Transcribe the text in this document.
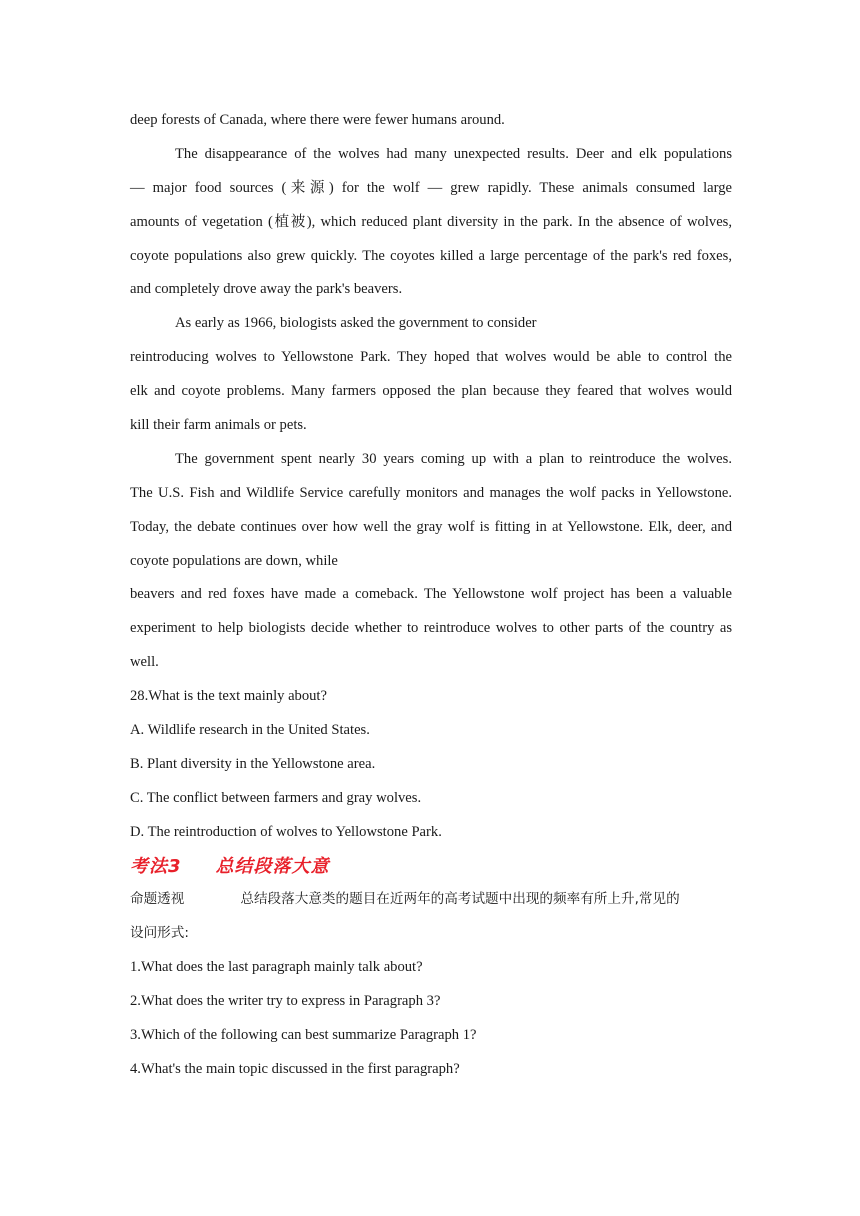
deep forests of Canada, where there were fewer humans around.
The disappearance of the wolves had many unexpected results. Deer and elk populations
— major food sources (来源) for the wolf — grew rapidly. These animals consumed large
amounts of vegetation (植被), which reduced plant diversity in the park. In the absence of wolves,
coyote populations also grew quickly. The coyotes killed a large percentage of the park's red foxes,
and completely drove away the park's beavers.
As early as 1966, biologists asked the government to consider
reintroducing wolves to Yellowstone Park. They hoped that wolves would be able to control the
elk and coyote problems. Many farmers opposed the plan because they feared that wolves would
kill their farm animals or pets.
The government spent nearly 30 years coming up with a plan to reintroduce the wolves.
The U.S. Fish and Wildlife Service carefully monitors and manages the wolf packs in Yellowstone.
Today, the debate continues over how well the gray wolf is fitting in at Yellowstone. Elk, deer, and
coyote populations are down, while
beavers and red foxes have made a comeback. The Yellowstone wolf project has been a valuable
experiment to help biologists decide whether to reintroduce wolves to other parts of the country as
well.
28.What is the text mainly about?
A. Wildlife research in the United States.
B. Plant diversity in the Yellowstone area.
C. The conflict between farmers and gray wolves.
D. The reintroduction of wolves to Yellowstone Park.
考法3 总结段落大意
命题透视	总结段落大意类的题目在近两年的高考试题中出现的频率有所上升,常见的
设问形式:
1.What does the last paragraph mainly talk about?
2.What does the writer try to express in Paragraph 3?
3.Which of the following can best summarize Paragraph 1?
4.What's the main topic discussed in the first paragraph?
